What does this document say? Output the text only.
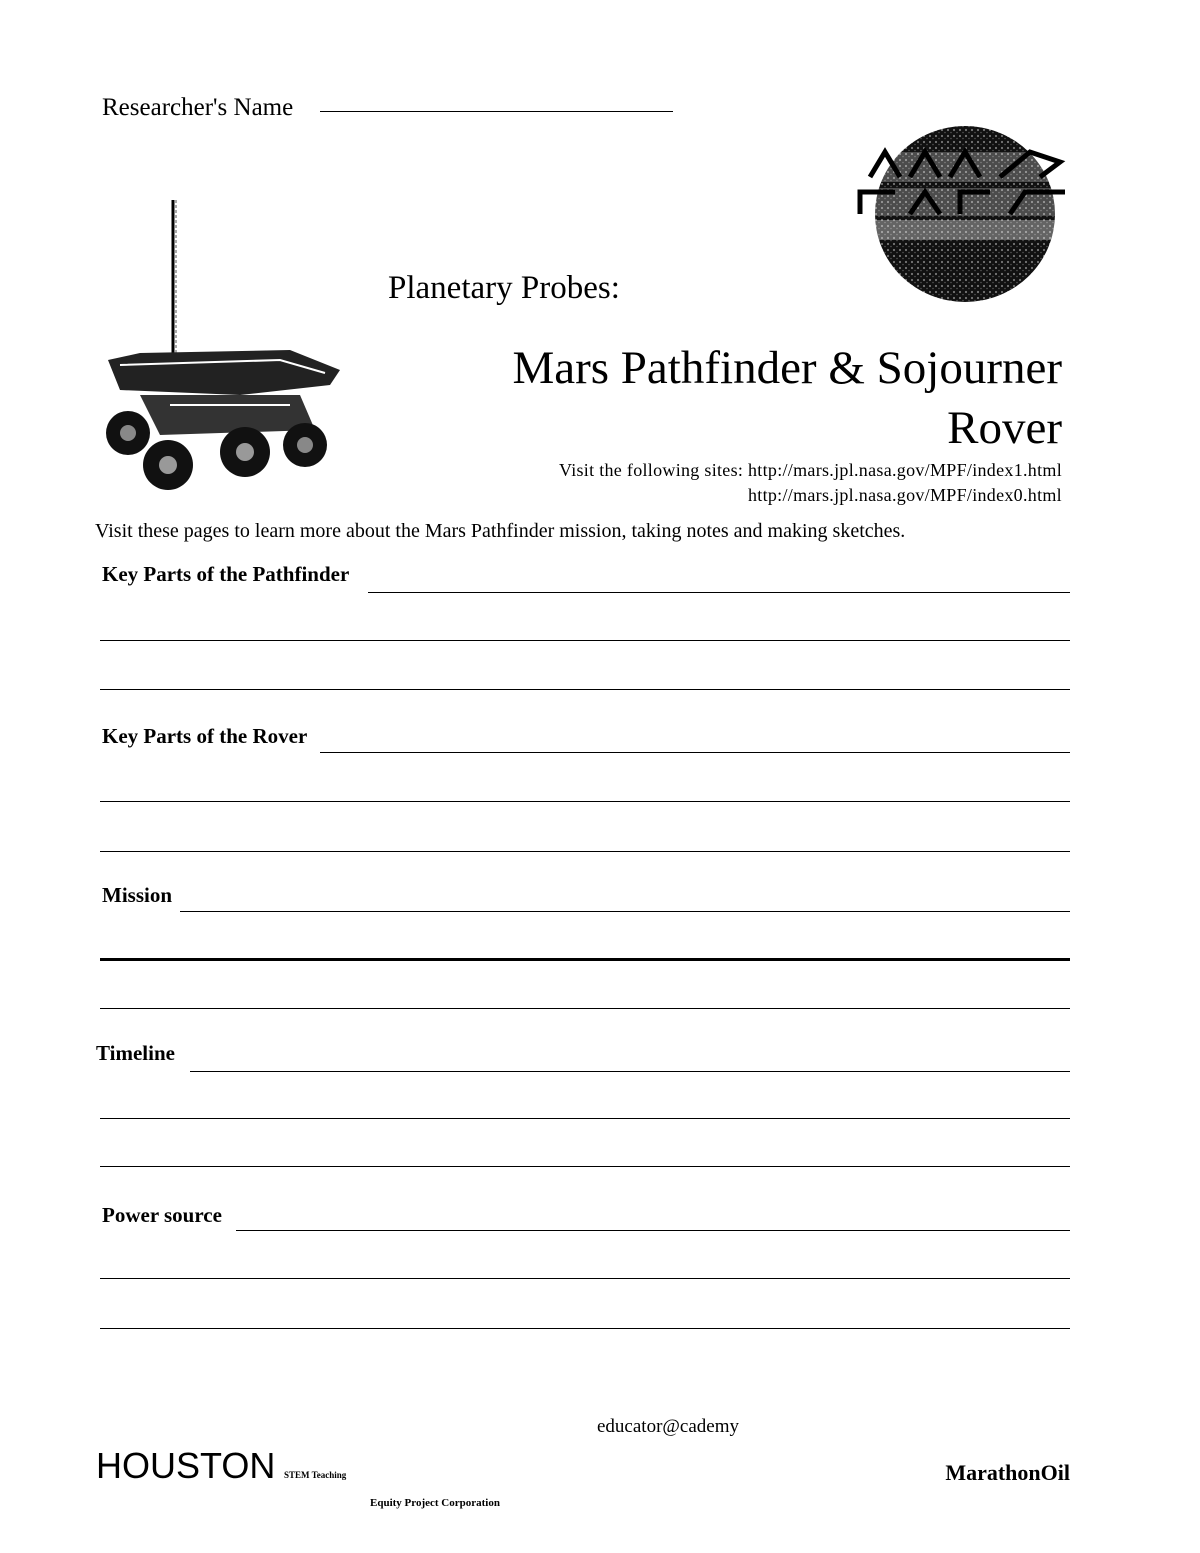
Researcher's Name
Planetary Probes:
Mars Pathfinder & Sojourner
Rover
Visit the following sites: http://mars.jpl.nasa.gov/MPF/index1.html
http://mars.jpl.nasa.gov/MPF/index0.html
Visit these pages to learn more about the Mars Pathfinder mission, taking notes and making sketches.
Key Parts of the Pathfinder
Key Parts of the Rover
Mission
Timeline
Power source
educator@cademy
HOUSTON STEM Teaching
Equity Project Corporation
MarathonOil
